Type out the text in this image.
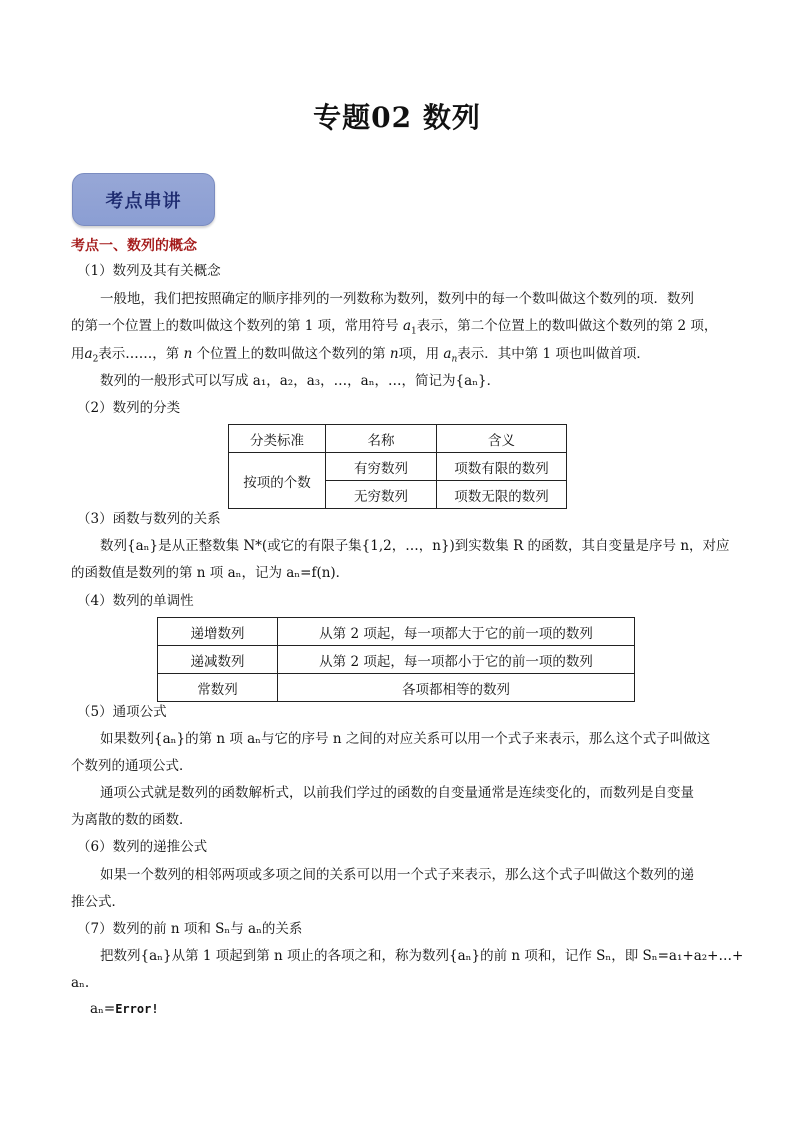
专题02 数列
考点串讲
考点一、数列的概念
（1）数列及其有关概念
一般地，我们把按照确定的顺序排列的一列数称为数列，数列中的每一个数叫做这个数列的项．数列
的第一个位置上的数叫做这个数列的第 1 项，常用符号 $a_1$表示，第二个位置上的数叫做这个数列的第 2 项，
用$a_2$表示……，第 n 个位置上的数叫做这个数列的第 n项，用 $a_n$表示．其中第 1 项也叫做首项．
数列的一般形式可以写成 a₁，a₂，a₃，…，aₙ，…，简记为{aₙ}．
（2）数列的分类
分类标准	名称	含义
按项的个数	有穷数列	项数有限的数列
	无穷数列	项数无限的数列
（3）函数与数列的关系
数列{aₙ}是从正整数集 N*(或它的有限子集{1,2，…，n})到实数集 R 的函数，其自变量是序号 n，对应
的函数值是数列的第 n 项 aₙ，记为 aₙ=f(n)．
（4）数列的单调性
递增数列	从第 2 项起，每一项都大于它的前一项的数列
递减数列	从第 2 项起，每一项都小于它的前一项的数列
常数列	各项都相等的数列
（5）通项公式
如果数列{aₙ}的第 n 项 aₙ与它的序号 n 之间的对应关系可以用一个式子来表示，那么这个式子叫做这
个数列的通项公式．
通项公式就是数列的函数解析式，以前我们学过的函数的自变量通常是连续变化的，而数列是自变量
为离散的数的函数．
（6）数列的递推公式
如果一个数列的相邻两项或多项之间的关系可以用一个式子来表示，那么这个式子叫做这个数列的递
推公式．
（7）数列的前 n 项和 Sₙ与 aₙ的关系
把数列{aₙ}从第 1 项起到第 n 项止的各项之和，称为数列{aₙ}的前 n 项和，记作 Sₙ，即 Sₙ=a₁+a₂+…+
aₙ.
aₙ=Error!
